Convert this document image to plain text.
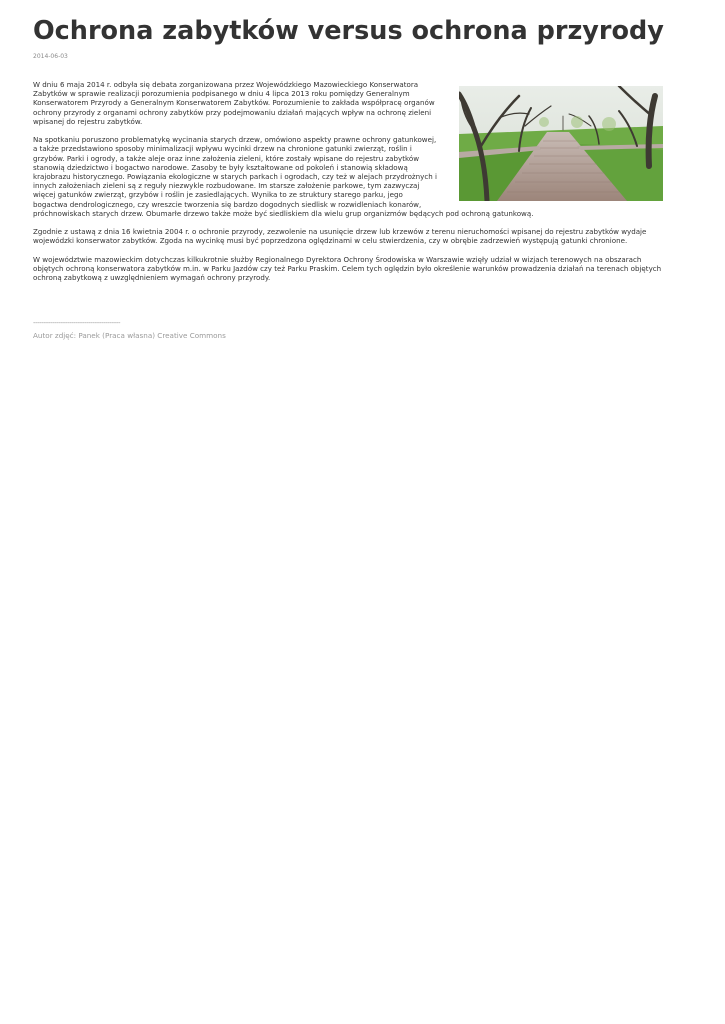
Ochrona zabytków versus ochrona przyrody
2014-06-03

W dniu 6 maja 2014 r. odbyła się debata zorganizowana przez Wojewódzkiego Mazowieckiego Konserwatora Zabytków w sprawie realizacji porozumienia podpisanego w dniu 4 lipca 2013 roku pomiędzy Generalnym Konserwatorem Przyrody a Generalnym Konserwatorem Zabytków. Porozumienie to zakłada współpracę organów ochrony przyrody z organami ochrony zabytków przy podejmowaniu działań mających wpływ na ochronę zieleni wpisanej do rejestru zabytków.

Na spotkaniu poruszono problematykę wycinania starych drzew, omówiono aspekty prawne ochrony gatunkowej, a także przedstawiono sposoby minimalizacji wpływu wycinki drzew na chronione gatunki zwierząt, roślin i grzybów. Parki i ogrody, a także aleje oraz inne założenia zieleni, które zostały wpisane do rejestru zabytków stanowią dziedzictwo i bogactwo narodowe. Zasoby te były kształtowane od pokoleń i stanowią składową krajobrazu historycznego. Powiązania ekologiczne w starych parkach i ogrodach, czy też w alejach przydrożnych i innych założeniach zieleni są z reguły niezwykle rozbudowane. Im starsze założenie parkowe, tym zazwyczaj więcej gatunków zwierząt, grzybów i roślin je zasiedlających. Wynika to ze struktury starego parku, jego bogactwa dendrologicznego, czy wreszcie tworzenia się bardzo dogodnych siedlisk w rozwidleniach konarów, próchnowiskach starych drzew. Obumarłe drzewo także może być siedliskiem dla wielu grup organizmów będących pod ochroną gatunkową.

Zgodnie z ustawą z dnia 16 kwietnia 2004 r. o ochronie przyrody, zezwolenie na usunięcie drzew lub krzewów z terenu nieruchomości wpisanej do rejestru zabytków wydaje wojewódzki konserwator zabytków. Zgoda na wycinkę musi być poprzedzona oględzinami w celu stwierdzenia, czy w obrębie zadrzewień występują gatunki chronione.

W województwie mazowieckim dotychczas kilkukrotnie służby Regionalnego Dyrektora Ochrony Środowiska w Warszawie wzięły udział w wizjach terenowych na obszarach objętych ochroną konserwatora zabytków m.in. w Parku Jazdów czy też Parku Praskim. Celem tych oględzin było określenie warunków prowadzenia działań na terenach objętych ochroną zabytkową z uwzględnieniem wymagań ochrony przyrody.

-----------------------------------------
Autor zdjęć: Panek (Praca własna) Creative Commons
